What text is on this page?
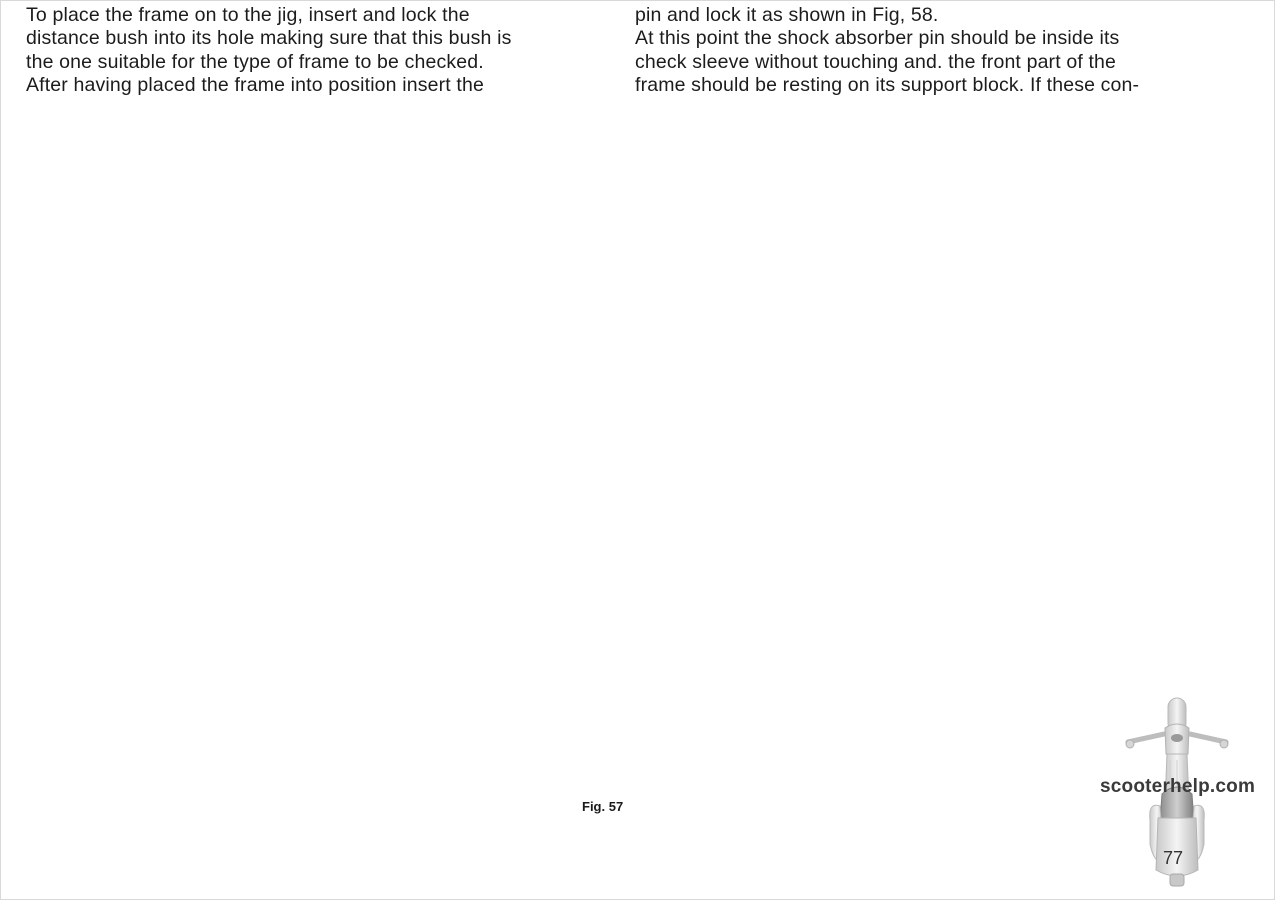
To place the frame on to the jig, insert and lock the
distance bush into its hole making sure that this bush is
the one suitable for the type of frame to be checked.
After having placed the frame into position insert the
pin and lock it as shown in Fig, 58.
At this point the shock absorber pin should be inside its
check sleeve without touching and. the front part of the
frame should be resting on its support block. If these con-
Fig. 57
scooterhelp.com
77
